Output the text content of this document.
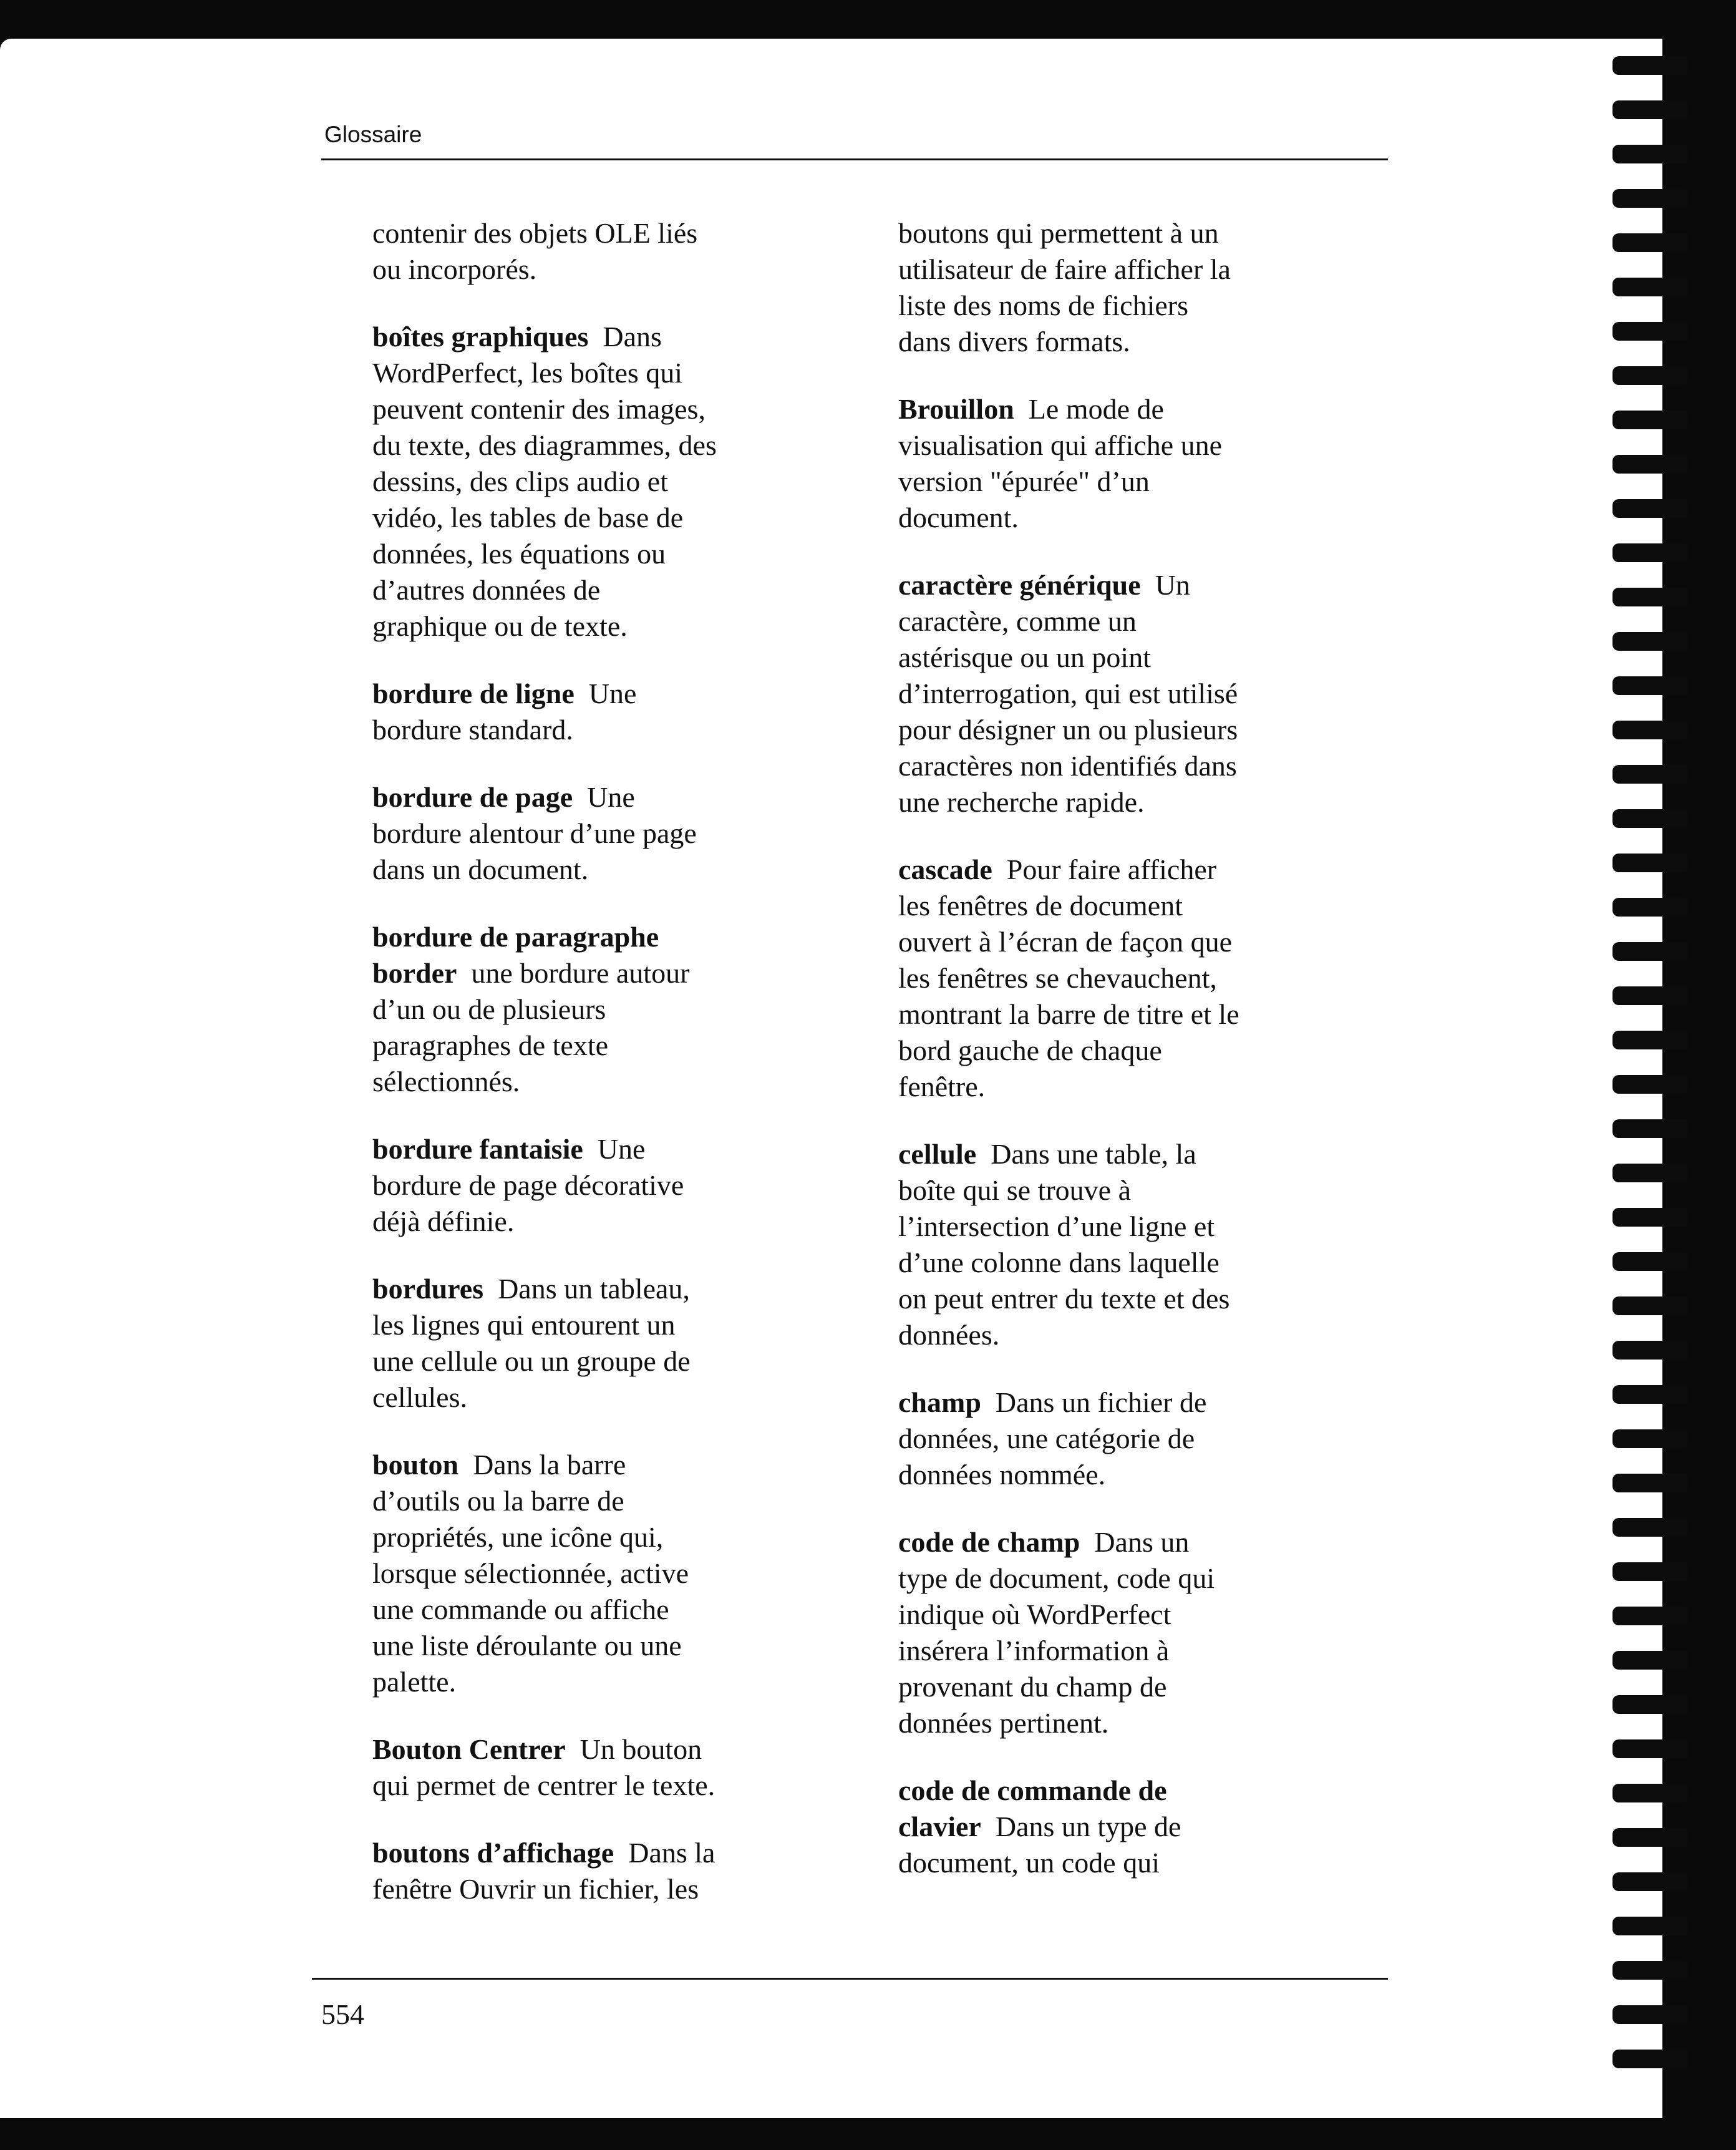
Glossaire
contenir des objets OLE liés
ou incorporés.
boîtes graphiques  Dans
WordPerfect, les boîtes qui
peuvent contenir des images,
du texte, des diagrammes, des
dessins, des clips audio et
vidéo, les tables de base de
données, les équations ou
d’autres données de
graphique ou de texte.
bordure de ligne  Une
bordure standard.
bordure de page  Une
bordure alentour d’une page
dans un document.
bordure de paragraphe
border  une bordure autour
d’un ou de plusieurs
paragraphes de texte
sélectionnés.
bordure fantaisie  Une
bordure de page décorative
déjà définie.
bordures  Dans un tableau,
les lignes qui entourent un
une cellule ou un groupe de
cellules.
bouton  Dans la barre
d’outils ou la barre de
propriétés, une icône qui,
lorsque sélectionnée, active
une commande ou affiche
une liste déroulante ou une
palette.
Bouton Centrer  Un bouton
qui permet de centrer le texte.
boutons d’affichage  Dans la
fenêtre Ouvrir un fichier, les
boutons qui permettent à un
utilisateur de faire afficher la
liste des noms de fichiers
dans divers formats.
Brouillon  Le mode de
visualisation qui affiche une
version "épurée" d’un
document.
caractère générique  Un
caractère, comme un
astérisque ou un point
d’interrogation, qui est utilisé
pour désigner un ou plusieurs
caractères non identifiés dans
une recherche rapide.
cascade  Pour faire afficher
les fenêtres de document
ouvert à l’écran de façon que
les fenêtres se chevauchent,
montrant la barre de titre et le
bord gauche de chaque
fenêtre.
cellule  Dans une table, la
boîte qui se trouve à
l’intersection d’une ligne et
d’une colonne dans laquelle
on peut entrer du texte et des
données.
champ  Dans un fichier de
données, une catégorie de
données nommée.
code de champ  Dans un
type de document, code qui
indique où WordPerfect
insérera l’information à
provenant du champ de
données pertinent.
code de commande de
clavier  Dans un type de
document, un code qui
554
